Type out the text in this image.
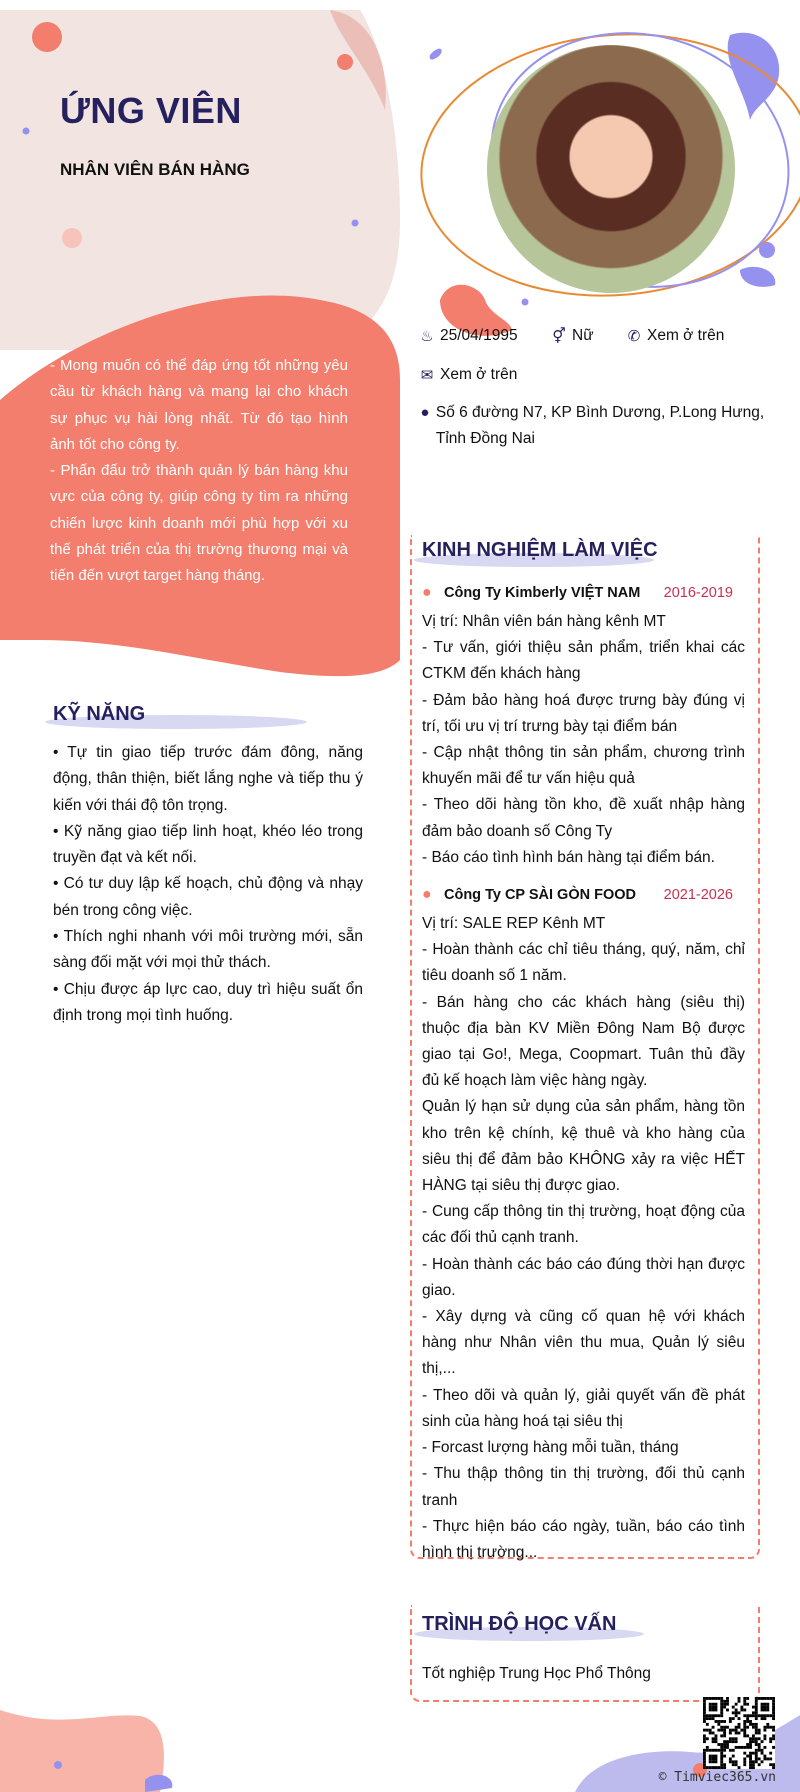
ỨNG VIÊN
NHÂN VIÊN BÁN HÀNG

- Mong muốn có thể đáp ứng tốt những yêu cầu từ khách hàng và mang lại cho khách sự phục vụ hài lòng nhất. Từ đó tạo hình ảnh tốt cho công ty.

- Phấn đấu trở thành quản lý bán hàng khu vực của công ty, giúp công ty tìm ra những chiến lược kinh doanh mới phù hợp với xu thế phát triển của thị trường thương mại và tiến đến vượt target hàng tháng.

♨ 25/04/1995 ⚥ Nữ ✆ Xem ở trên
✉ Xem ở trên
● Số 6 đường N7, KP Bình Dương, P.Long Hưng, Tỉnh Đồng Nai
KỸ NĂNG
• Tự tin giao tiếp trước đám đông, năng động, thân thiện, biết lắng nghe và tiếp thu ý kiến với thái độ tôn trọng.
• Kỹ năng giao tiếp linh hoạt, khéo léo trong truyền đạt và kết nối.
• Có tư duy lập kế hoạch, chủ động và nhạy bén trong công việc.
• Thích nghi nhanh với môi trường mới, sẵn sàng đối mặt với mọi thử thách.
• Chịu được áp lực cao, duy trì hiệu suất ổn định trong mọi tình huống.
KINH NGHIỆM LÀM VIỆC
● Công Ty Kimberly VIỆT NAM	2016-2019
Vị trí: Nhân viên bán hàng kênh MT
- Tư vấn, giới thiệu sản phẩm, triển khai các CTKM đến khách hàng
- Đảm bảo hàng hoá được trưng bày đúng vị trí, tối ưu vị trí trưng bày tại điểm bán
- Cập nhật thông tin sản phẩm, chương trình khuyến mãi để tư vấn hiệu quả
- Theo dõi hàng tồn kho, đề xuất nhập hàng đảm bảo doanh số Công Ty
- Báo cáo tình hình bán hàng tại điểm bán.
● Công Ty CP SÀI GÒN FOOD	2021-2026
Vị trí: SALE REP Kênh MT
- Hoàn thành các chỉ tiêu tháng, quý, năm, chỉ tiêu doanh số 1 năm.
- Bán hàng cho các khách hàng (siêu thị) thuộc địa bàn KV Miền Đông Nam Bộ được giao tại Go!, Mega, Coopmart. Tuân thủ đầy đủ kế hoạch làm việc hàng ngày.
Quản lý hạn sử dụng của sản phẩm, hàng tồn kho trên kệ chính, kệ thuê và kho hàng của siêu thị để đảm bảo KHÔNG xảy ra việc HẾT HÀNG tại siêu thị được giao.
- Cung cấp thông tin thị trường, hoạt động của các đối thủ cạnh tranh.
- Hoàn thành các báo cáo đúng thời hạn được giao.
- Xây dựng và cũng cố quan hệ với khách hàng như Nhân viên thu mua, Quản lý siêu thị,...
- Theo dõi và quản lý, giải quyết vấn đề phát sinh của hàng hoá tại siêu thị
- Forcast lượng hàng mỗi tuần, tháng
- Thu thập thông tin thị trường, đối thủ cạnh tranh
- Thực hiện báo cáo ngày, tuần, báo cáo tình hình thị trường...
TRÌNH ĐỘ HỌC VẤN
Tốt nghiệp Trung Học Phổ Thông
© Timviec365.vn
